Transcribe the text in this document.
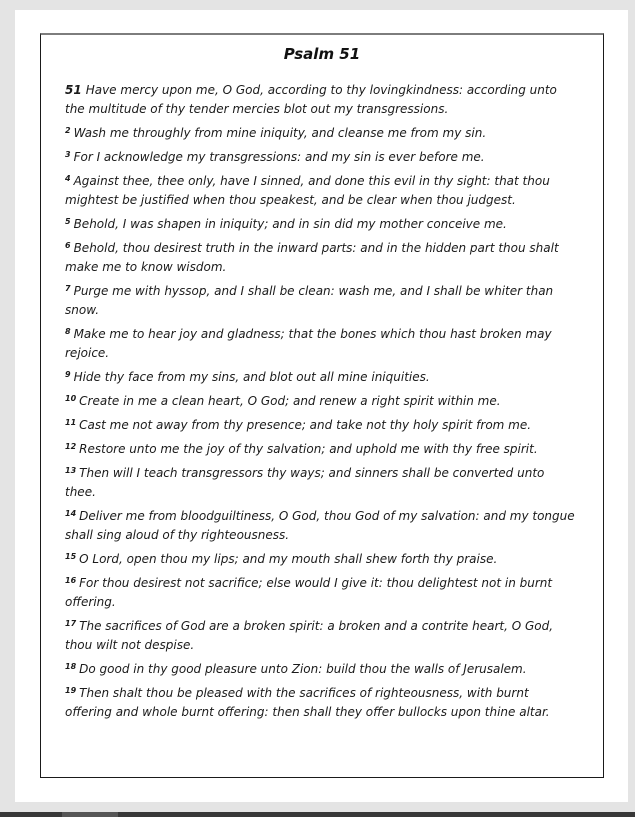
Psalm 51

51 Have mercy upon me, O God, according to thy lovingkindness: according unto the multitude of thy tender mercies blot out my transgressions.

$^2$ Wash me throughly from mine iniquity, and cleanse me from my sin.

$^3$ For I acknowledge my transgressions: and my sin is ever before me.

$^4$ Against thee, thee only, have I sinned, and done this evil in thy sight: that thou mightest be justified when thou speakest, and be clear when thou judgest.

$^5$ Behold, I was shapen in iniquity; and in sin did my mother conceive me.

$^6$ Behold, thou desirest truth in the inward parts: and in the hidden part thou shalt make me to know wisdom.

$^7$ Purge me with hyssop, and I shall be clean: wash me, and I shall be whiter than snow.

$^8$ Make me to hear joy and gladness; that the bones which thou hast broken may rejoice.

$^9$ Hide thy face from my sins, and blot out all mine iniquities.

$^{10}$ Create in me a clean heart, O God; and renew a right spirit within me.

$^{11}$ Cast me not away from thy presence; and take not thy holy spirit from me.

$^{12}$ Restore unto me the joy of thy salvation; and uphold me with thy free spirit.

$^{13}$ Then will I teach transgressors thy ways; and sinners shall be converted unto thee.

$^{14}$ Deliver me from bloodguiltiness, O God, thou God of my salvation: and my tongue shall sing aloud of thy righteousness.

$^{15}$ O Lord, open thou my lips; and my mouth shall shew forth thy praise.

$^{16}$ For thou desirest not sacrifice; else would I give it: thou delightest not in burnt offering.

$^{17}$ The sacrifices of God are a broken spirit: a broken and a contrite heart, O God, thou wilt not despise.

$^{18}$ Do good in thy good pleasure unto Zion: build thou the walls of Jerusalem.

$^{19}$ Then shalt thou be pleased with the sacrifices of righteousness, with burnt offering and whole burnt offering: then shall they offer bullocks upon thine altar.
